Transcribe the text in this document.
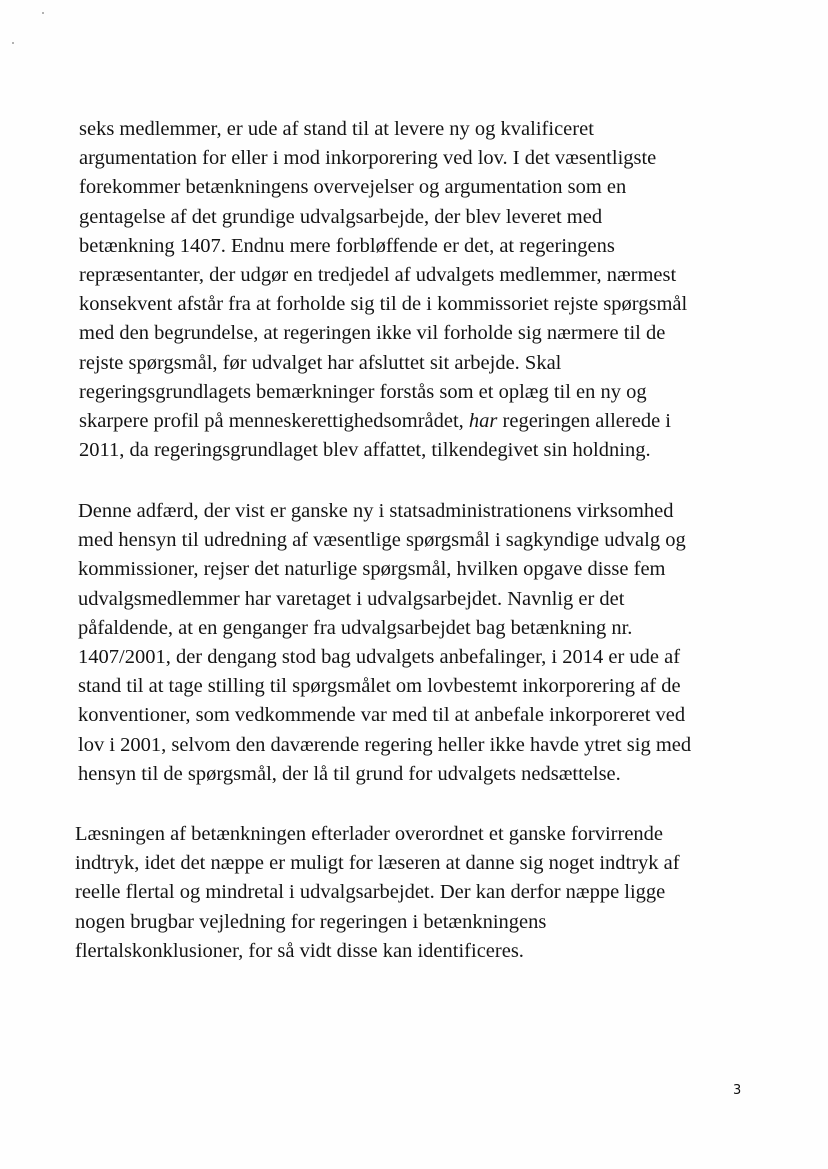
seks medlemmer, er ude af stand til at levere ny og kvalificeret
argumentation for eller i mod inkorporering ved lov. I det væsentligste
forekommer betænkningens overvejelser og argumentation som en
gentagelse af det grundige udvalgsarbejde, der blev leveret med
betænkning 1407. Endnu mere forbløffende er det, at regeringens
repræsentanter, der udgør en tredjedel af udvalgets medlemmer, nærmest
konsekvent afstår fra at forholde sig til de i kommissoriet rejste spørgsmål
med den begrundelse, at regeringen ikke vil forholde sig nærmere til de
rejste spørgsmål, før udvalget har afsluttet sit arbejde. Skal
regeringsgrundlagets bemærkninger forstås som et oplæg til en ny og
skarpere profil på menneskerettighedsområdet, har regeringen allerede i
2011, da regeringsgrundlaget blev affattet, tilkendegivet sin holdning.

Denne adfærd, der vist er ganske ny i statsadministrationens virksomhed
med hensyn til udredning af væsentlige spørgsmål i sagkyndige udvalg og
kommissioner, rejser det naturlige spørgsmål, hvilken opgave disse fem
udvalgsmedlemmer har varetaget i udvalgsarbejdet. Navnlig er det
påfaldende, at en genganger fra udvalgsarbejdet bag betænkning nr.
1407/2001, der dengang stod bag udvalgets anbefalinger, i 2014 er ude af
stand til at tage stilling til spørgsmålet om lovbestemt inkorporering af de
konventioner, som vedkommende var med til at anbefale inkorporeret ved
lov i 2001, selvom den daværende regering heller ikke havde ytret sig med
hensyn til de spørgsmål, der lå til grund for udvalgets nedsættelse.

Læsningen af betænkningen efterlader overordnet et ganske forvirrende
indtryk, idet det næppe er muligt for læseren at danne sig noget indtryk af
reelle flertal og mindretal i udvalgsarbejdet. Der kan derfor næppe ligge
nogen brugbar vejledning for regeringen i betænkningens
flertalskonklusioner, for så vidt disse kan identificeres.

3
